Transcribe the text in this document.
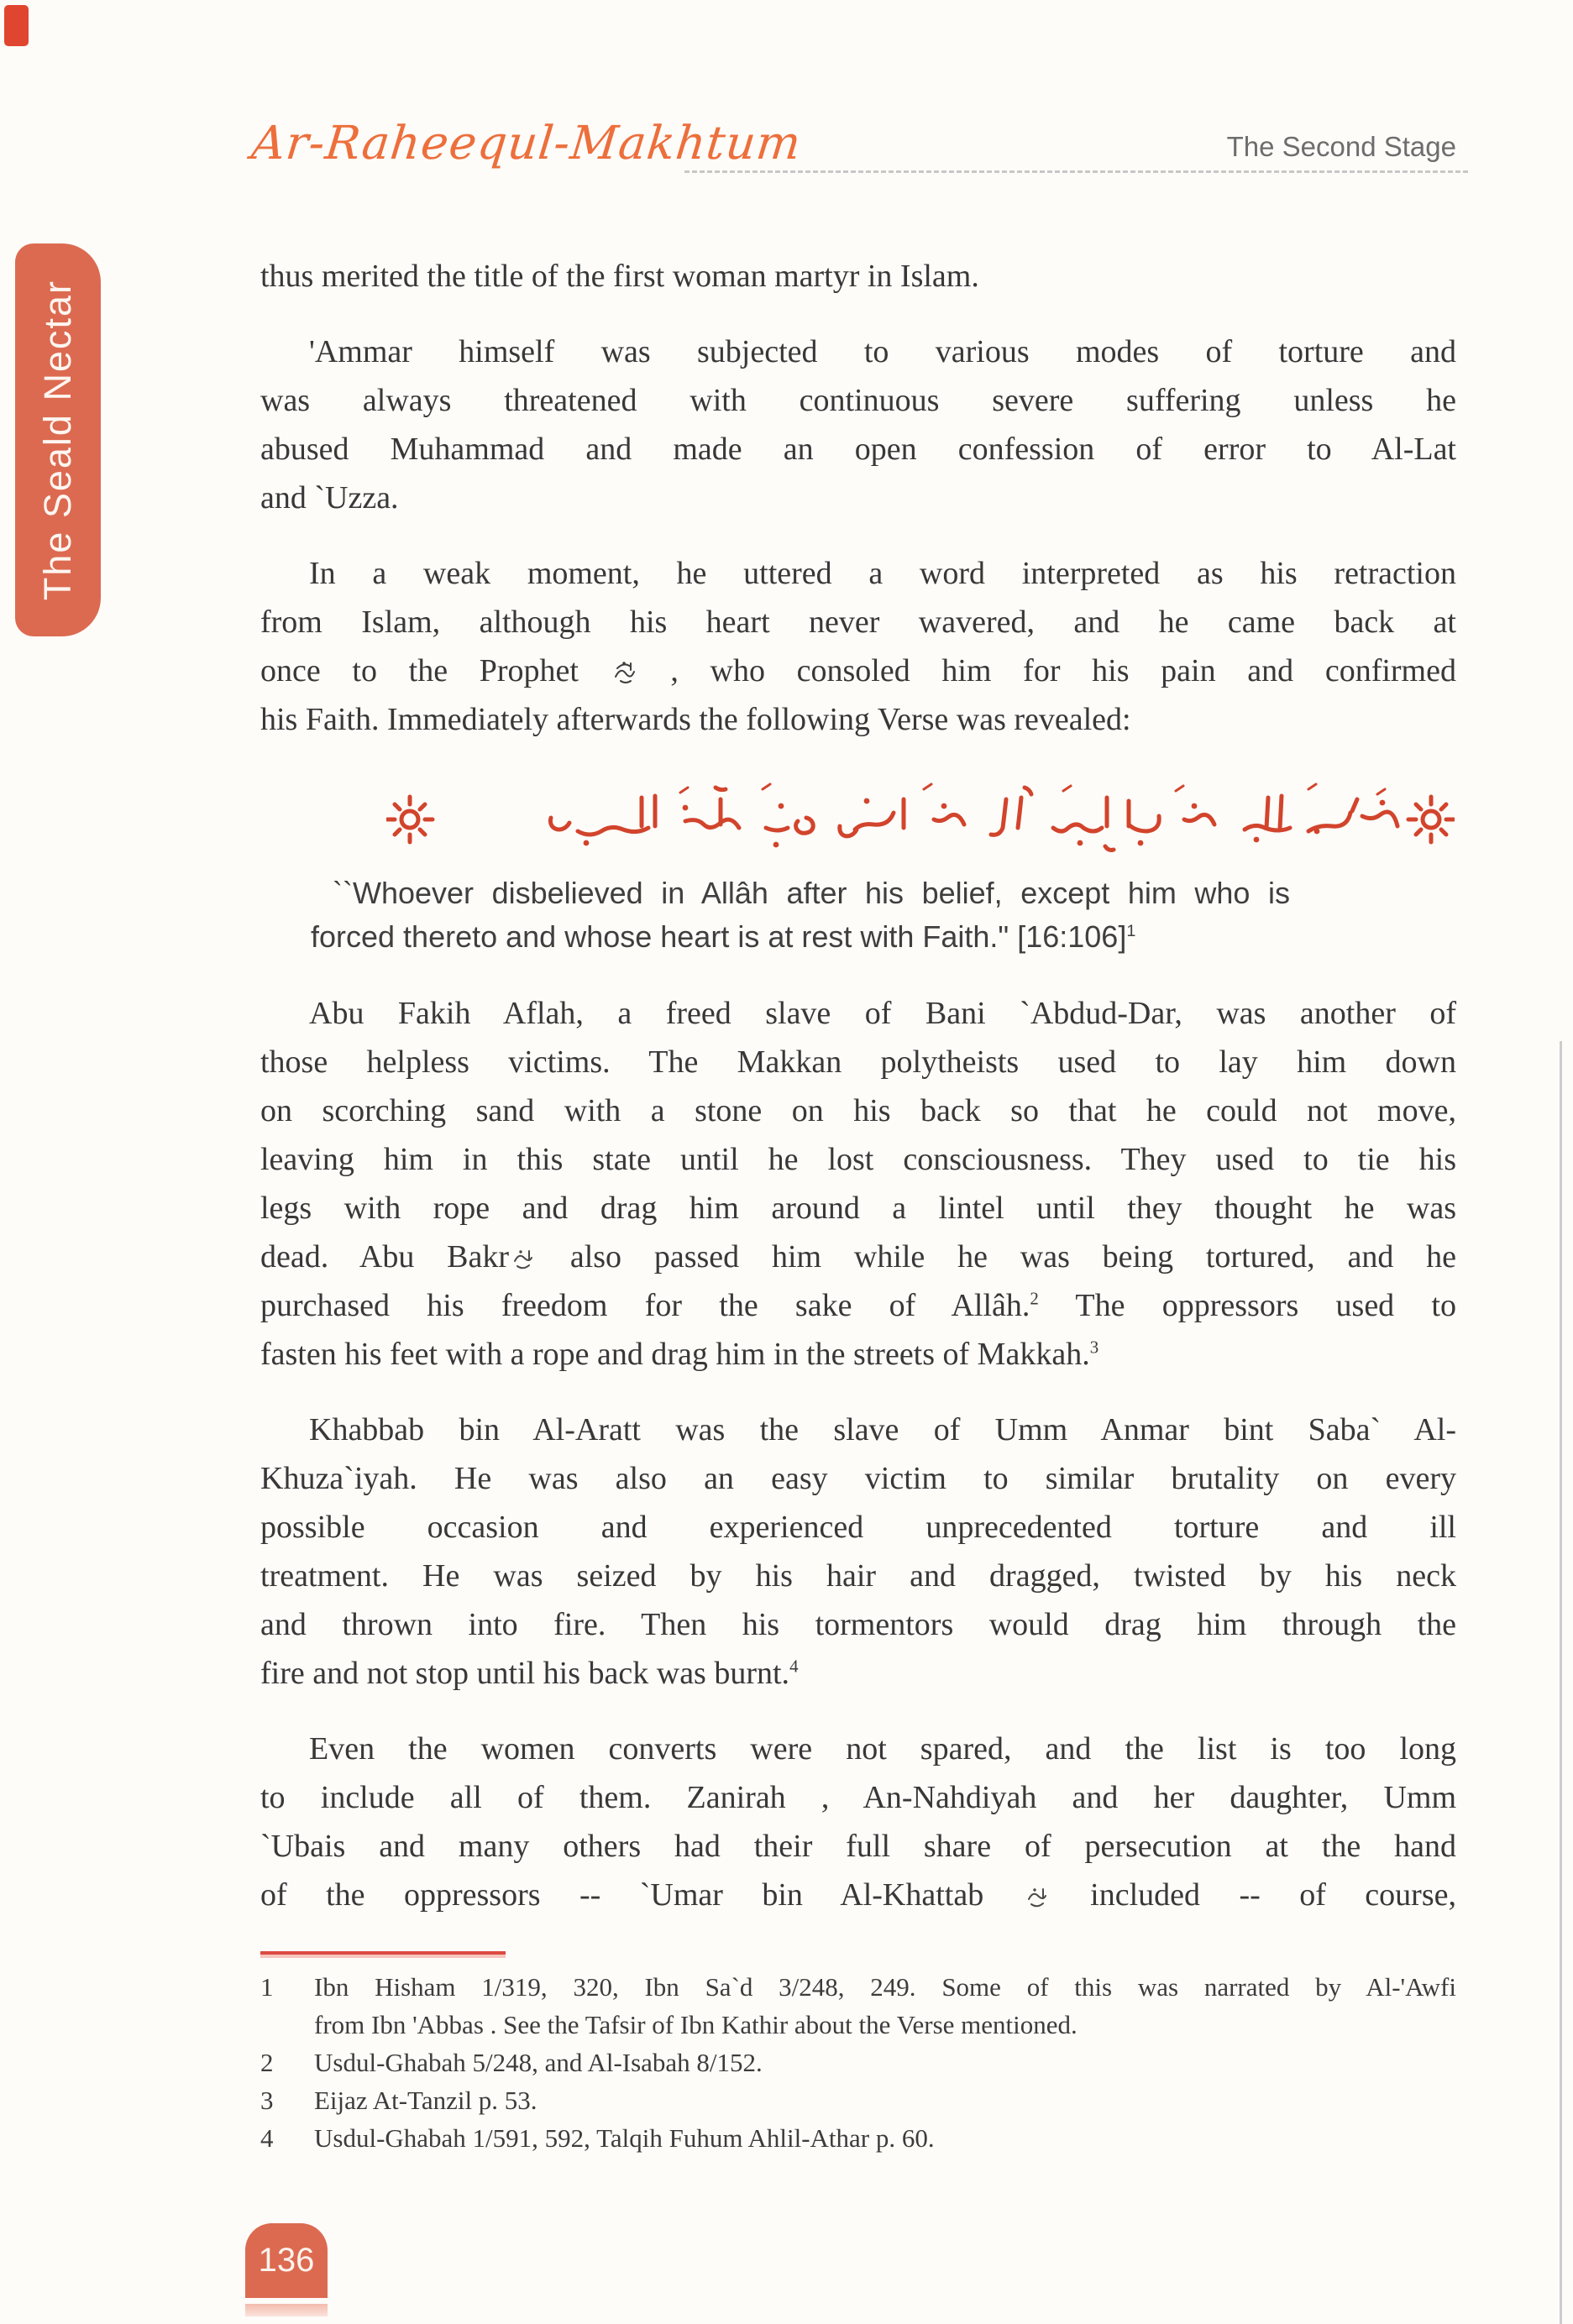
Ar-Raheequl-Makhtum	The Second Stage
The Seald Nectar
thus merited the title of the first woman martyr in Islam.
'Ammar himself was subjected to various modes of torture and
was always threatened with continuous severe suffering unless he
abused Muhammad and made an open confession of error to Al-Lat
and `Uzza.
In a weak moment, he uttered a word interpreted as his retraction
from Islam, although his heart never wavered, and he came back at
once to the Prophet  , who consoled him for his pain and confirmed
his Faith. Immediately afterwards the following Verse was revealed:
``Whoever disbelieved in Allâh after his belief, except him who is
forced thereto and whose heart is at rest with Faith." [16:106]$^1$
Abu Fakih Aflah, a freed slave of Bani `Abdud-Dar, was another of
those helpless victims. The Makkan polytheists used to lay him down
on scorching sand with a stone on his back so that he could not move,
leaving him in this state until he lost consciousness. They used to tie his
legs with rope and drag him around a lintel until they thought he was
dead. Abu Bakr also passed him while he was being tortured, and he
purchased his freedom for the sake of Allâh.$^2$ The oppressors used to
fasten his feet with a rope and drag him in the streets of Makkah.$^3$
Khabbab bin Al-Aratt was the slave of Umm Anmar bint Saba` Al-
Khuza`iyah. He was also an easy victim to similar brutality on every
possible occasion and experienced unprecedented torture and ill
treatment. He was seized by his hair and dragged, twisted by his neck
and thrown into fire. Then his tormentors would drag him through the
fire and not stop until his back was burnt.$^4$
Even the women converts were not spared, and the list is too long
to include all of them. Zanirah , An-Nahdiyah and her daughter, Umm
`Ubais and many others had their full share of persecution at the hand
of the oppressors -- `Umar bin Al-Khattab  included -- of course,
1	Ibn Hisham 1/319, 320, Ibn Sa`d 3/248, 249. Some of this was narrated by Al-'Awfi
from Ibn 'Abbas . See the Tafsir of Ibn Kathir about the Verse mentioned.
2	Usdul-Ghabah 5/248, and Al-Isabah 8/152.
3	Eijaz At-Tanzil p. 53.
4	Usdul-Ghabah 1/591, 592, Talqih Fuhum Ahlil-Athar p. 60.
136
